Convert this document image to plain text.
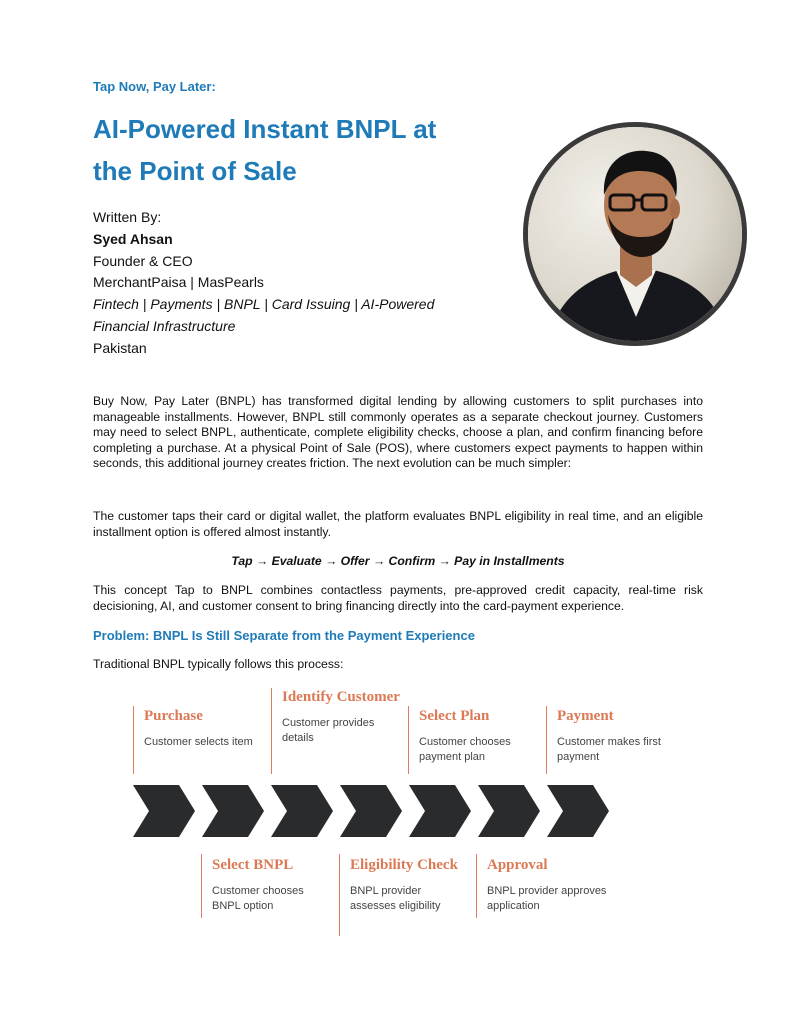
Tap Now, Pay Later:
AI-Powered Instant BNPL at
the Point of Sale
Written By:
Syed Ahsan
Founder & CEO
MerchantPaisa | MasPearls
Fintech | Payments | BNPL | Card Issuing | AI-Powered
Financial Infrastructure
Pakistan
Buy Now, Pay Later (BNPL) has transformed digital lending by allowing customers to split purchases into manageable installments. However, BNPL still commonly operates as a separate checkout journey. Customers may need to select BNPL, authenticate, complete eligibility checks, choose a plan, and confirm financing before completing a purchase. At a physical Point of Sale (POS), where customers expect payments to happen within seconds, this additional journey creates friction. The next evolution can be much simpler:
The customer taps their card or digital wallet, the platform evaluates BNPL eligibility in real time, and an eligible installment option is offered almost instantly.
Tap → Evaluate → Offer → Confirm → Pay in Installments
This concept Tap to BNPL combines contactless payments, pre-approved credit capacity, real-time risk decisioning, AI, and customer consent to bring financing directly into the card-payment experience.
Problem: BNPL Is Still Separate from the Payment Experience
Traditional BNPL typically follows this process:
Purchase
Customer selects item
Identify Customer
Customer provides details
Select Plan
Customer chooses payment plan
Payment
Customer makes first payment
Select BNPL
Customer chooses BNPL option
Eligibility Check
BNPL provider assesses eligibility
Approval
BNPL provider approves application
